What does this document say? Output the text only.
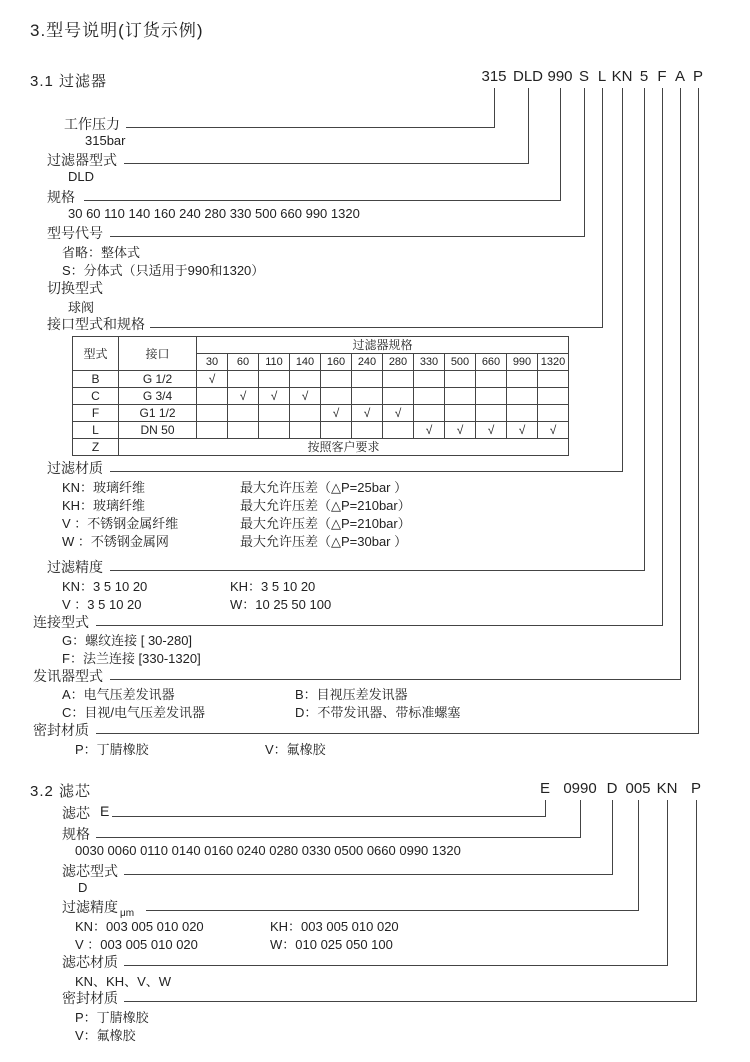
3.型号说明(订货示例)
3.1 过滤器	315 DLD 990 S L KN 5 F A P
工作压力
315bar
过滤器型式
DLD
规格
30 60 110 140 160 240 280 330 500 660 990 1320
型号代号
省略：整体式
S：分体式（只适用于990和1320）
切换型式
球阀
接口型式和规格
型式	接口	过滤器规格											
		30	60	110	140	160	240	280	330	500	660	990	1320
B	G 1/2	√											
C	G 3/4		√	√	√								
F	G1 1/2					√	√	√					
L	DN 50								√	√	√	√	√
Z	按照客户要求												
过滤材质
KN：玻璃纤维	最大允许压差（△P=25bar ）
KH：玻璃纤维	最大允许压差（△P=210bar）
V ：不锈钢金属纤维	最大允许压差（△P=210bar）
W ：不锈钢金属网	最大允许压差（△P=30bar ）
过滤精度
KN：3 5 10 20	KH：3 5 10 20
V ：3 5 10 20	W：10 25 50 100
连接型式
G：螺纹连接 [ 30-280]
F：法兰连接 [330-1320]
发讯器型式
A：电气压差发讯器	B：目视压差发讯器
C：目视/电气压差发讯器	D：不带发讯器、带标准螺塞
密封材质
P：丁腈橡胶	V：氟橡胶
3.2 滤芯	E 0990 D 005 KN P
滤芯 E
规格
0030 0060 0110 0140 0160 0240 0280 0330 0500 0660 0990 1320
滤芯型式
D
过滤精度 $_{\mu m}$
KN：003 005 010 020	KH：003 005 010 020
V ：003 005 010 020	W：010 025 050 100
滤芯材质
KN、KH、V、W
密封材质
P：丁腈橡胶
V：氟橡胶
